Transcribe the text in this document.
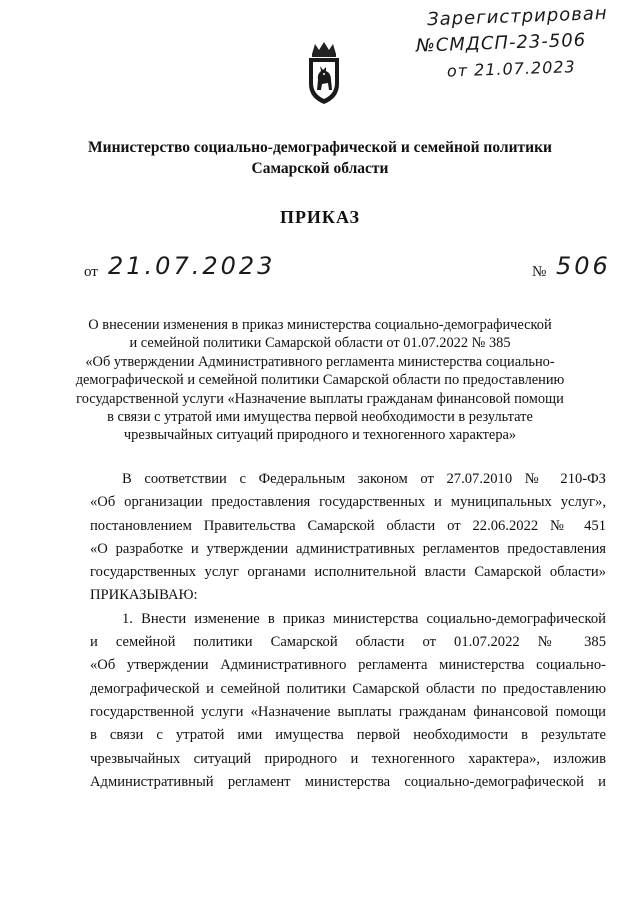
Зарегистрирован
№СМДСП-23-506
от 21.07.2023
Министерство социально-демографической и семейной политики
Самарской области
ПРИКАЗ
от 21.07.2023	№ 506
О внесении изменения в приказ министерства социально-демографической
и семейной политики Самарской области от 01.07.2022 № 385
«Об утверждении Административного регламента министерства социально-
демографической и семейной политики Самарской области по предоставлению
государственной услуги «Назначение выплаты гражданам финансовой помощи
в связи с утратой ими имущества первой необходимости в результате
чрезвычайных ситуаций природного и техногенного характера»
В соответствии с Федеральным законом от 27.07.2010 № 210-ФЗ
«Об организации предоставления государственных и муниципальных услуг»,
постановлением Правительства Самарской области от 22.06.2022 № 451
«О разработке и утверждении административных регламентов предоставления
государственных услуг органами исполнительной власти Самарской области»
ПРИКАЗЫВАЮ:
1. Внести изменение в приказ министерства социально-демографической
и семейной политики Самарской области от 01.07.2022 № 385
«Об утверждении Административного регламента министерства социально-
демографической и семейной политики Самарской области по предоставлению
государственной услуги «Назначение выплаты гражданам финансовой помощи
в связи с утратой ими имущества первой необходимости в результате
чрезвычайных ситуаций природного и техногенного характера», изложив
Административный регламент министерства социально-демографической и
